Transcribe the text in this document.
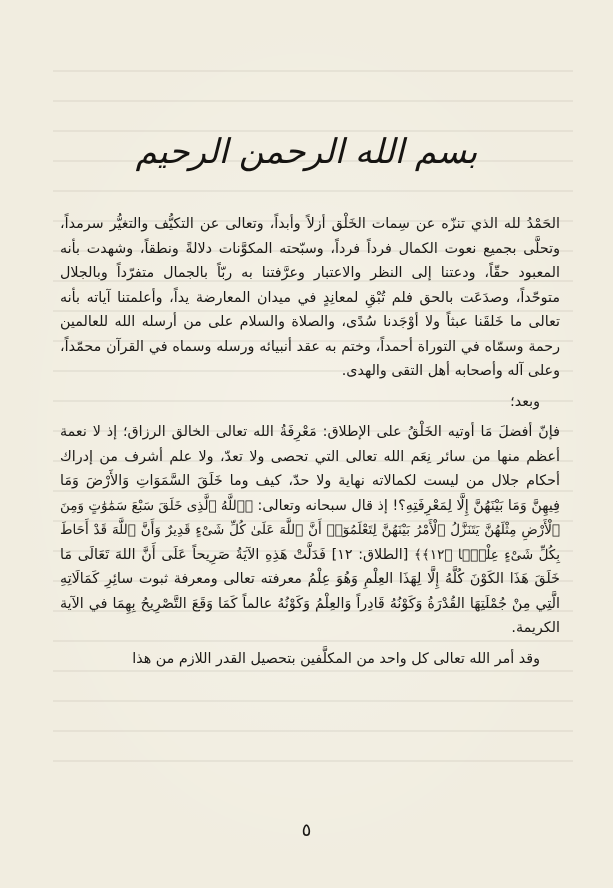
بسم الله الرحمن الرحيم

الحَمْدُ لله الذي تنزّه عن سِمات الخَلْق أزلاً وأبداً، وتعالى عن التكيُّف والتغيُّر سرمداً، وتحلَّى بجميع نعوت الكمال فرداً فرداً، وسبّحته المكوَّنات دلالةً ونطقاً، وشهدت بأنه المعبود حقّاً، ودعتنا إلى النظر والاعتبار وعرَّفتنا به ربّاً بالجمال متفرّداً وبالجلال متوحّداً، وصدَعَت بالحق فلم تُبْقِ لمعانِدٍ في ميدان المعارضة يداً، وأعلمتنا آياته بأنه تعالى ما خَلقَنا عبثاً ولا أوْجَدنا سُدًى، والصلاة والسلام على من أرسله الله للعالمين رحمة وسمّاه في التوراة أحمداً، وختم به عقد أنبيائه ورسله وسماه في القرآن محمّداً، وعلى آله وأصحابه أهل التقى والهدى.

وبعد؛

فإنّ أفضلَ مَا أوتيه الخَلْقُ على الإطلاق: مَعْرِفَةُ الله تعالى الخالق الرزاق؛ إذ لا نعمة أعظم منها من سائر نِعَم الله تعالى التي تحصى ولا تعدّ، ولا علم أشرف من إدراك أحكام جلال من ليست لكمالاته نهاية ولا حدّ، كيف وما خَلَقَ السَّمَوَاتِ وَالأَرْضَ وَمَا فِيهِنَّ وَمَا بَيْنَهُنَّ إِلَّا لِمَعْرِفَتِهِ؟! إذ قال سبحانه وتعالى: ﴿ٱللَّهُ ٱلَّذِى خَلَقَ سَبْعَ سَمَٰوَٰتٍ وَمِنَ ٱلْأَرْضِ مِثْلَهُنَّ يَتَنَزَّلُ ٱلْأَمْرُ بَيْنَهُنَّ لِتَعْلَمُوٓا۟ أَنَّ ٱللَّهَ عَلَىٰ كُلِّ شَىْءٍ قَدِيرٌ وَأَنَّ ٱللَّهَ قَدْ أَحَاطَ بِكُلِّ شَىْءٍ عِلْمًۢا ﴿١٢﴾﴾ [الطلاق: ١٢] فَدَلَّتْ هَذِهِ الآيَةُ صَرِيحاً عَلَى أَنَّ اللهَ تَعَالَى مَا خَلَقَ هَذَا الكَوْنَ كُلَّهُ إِلَّا لِهَذَا العِلْمِ وَهُوَ عِلْمُ معرفته تعالى ومعرفة ثبوت سائِرِ كَمَالَاتِهِ الَّتِي مِنْ جُمْلَتِهَا القُدْرَةُ وَكَوْنُهُ قَادِراً وَالعِلْمُ وَكَوْنُهُ عالماً كَمَا وَقَعَ التَّصْرِيحُ بِهِمَا في الآية الكريمة.

وقد أمر الله تعالى كل واحد من المكلَّفين بتحصيل القدر اللازم من هذا

٥
